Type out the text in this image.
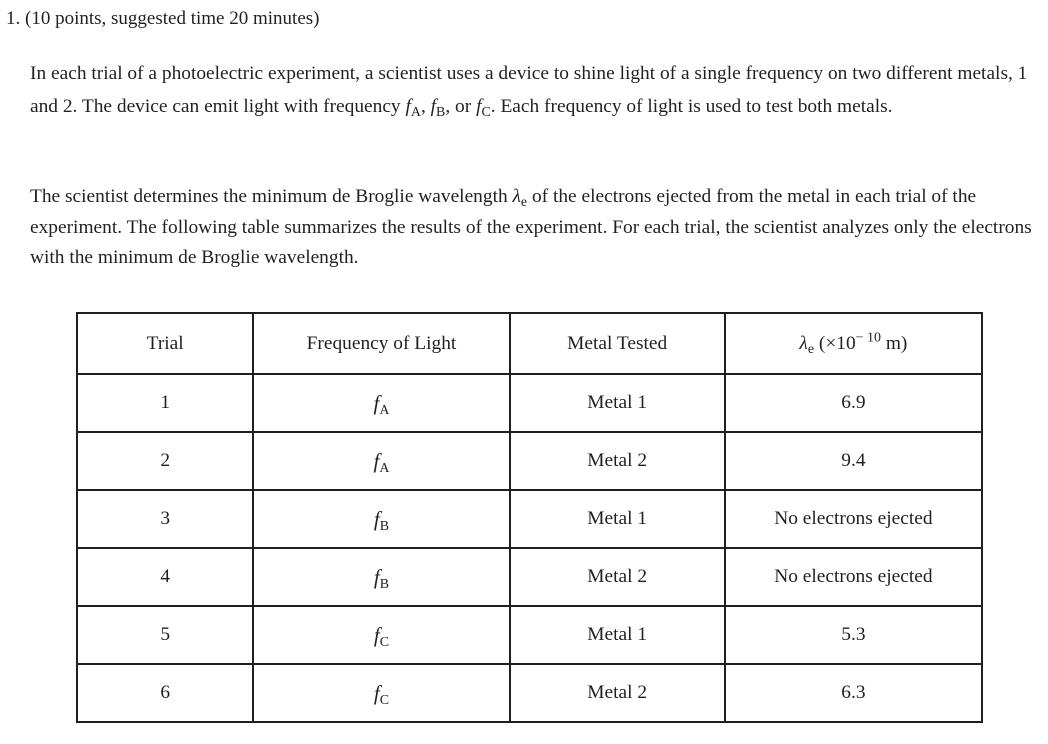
1. (10 points, suggested time 20 minutes)
In each trial of a photoelectric experiment, a scientist uses a device to shine light of a single frequency on two different metals, 1 and 2. The device can emit light with frequency $f_A$, $f_B$, or $f_C$. Each frequency of light is used to test both metals.
The scientist determines the minimum de Broglie wavelength $\lambda_e$ of the electrons ejected from the metal in each trial of the experiment. The following table summarizes the results of the experiment. For each trial, the scientist analyzes only the electrons with the minimum de Broglie wavelength.
Trial	Frequency of Light	Metal Tested	$\lambda_e$ ($\times 10^{- 10}$ m)
1	$f_A$	Metal 1	6.9
2	$f_A$	Metal 2	9.4
3	$f_B$	Metal 1	No electrons ejected
4	$f_B$	Metal 2	No electrons ejected
5	$f_C$	Metal 1	5.3
6	$f_C$	Metal 2	6.3
